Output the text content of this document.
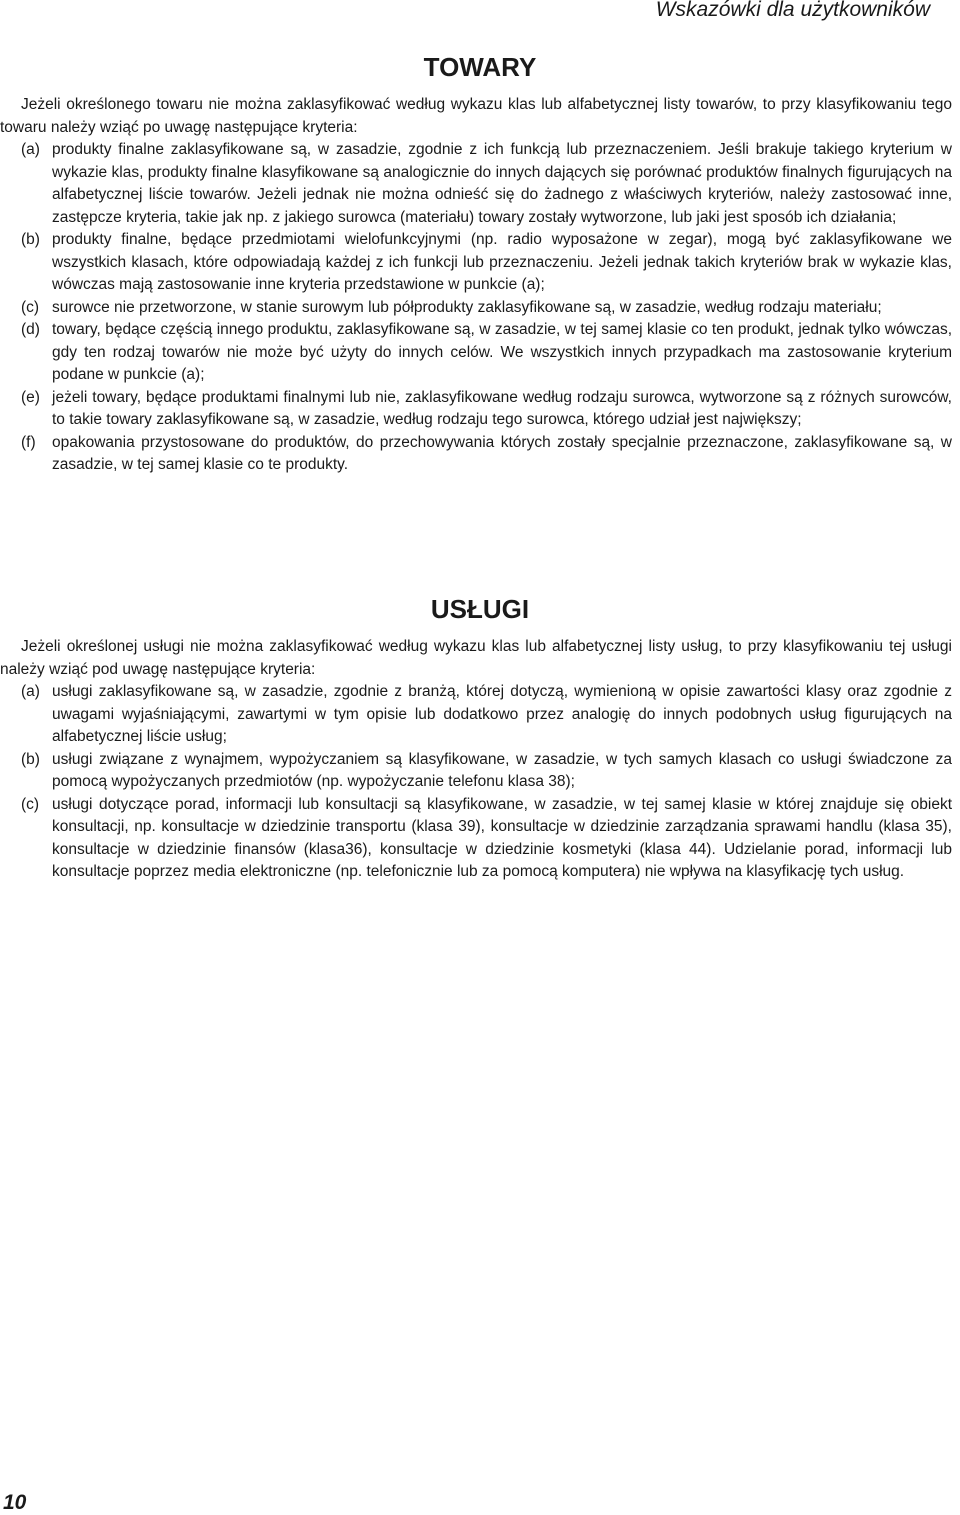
Wskazówki dla użytkowników
TOWARY

Jeżeli określonego towaru nie można zaklasyfikować według wykazu klas lub alfabetycznej listy towarów, to przy klasyfikowaniu tego towaru należy wziąć po uwagę następujące kryteria:

(a) produkty finalne zaklasyfikowane są, w zasadzie, zgodnie z ich funkcją lub przeznaczeniem. Jeśli brakuje takiego kryterium w wykazie klas, produkty finalne klasyfikowane są analogicznie do innych dających się porównać produktów finalnych figurujących na alfabetycznej liście towarów. Jeżeli jednak nie można odnieść się do żadnego z właściwych kryteriów, należy zastosować inne, zastępcze kryteria, takie jak np. z jakiego surowca (materiału) towary zostały wytworzone, lub jaki jest sposób ich działania;
(b) produkty finalne, będące przedmiotami wielofunkcyjnymi (np. radio wyposażone w zegar), mogą być zaklasyfikowane we wszystkich klasach, które odpowiadają każdej z ich funkcji lub przeznaczeniu. Jeżeli jednak takich kryteriów brak w wykazie klas, wówczas mają zastosowanie inne kryteria przedstawione w punkcie (a);
(c) surowce nie przetworzone, w stanie surowym lub półprodukty zaklasyfikowane są, w zasadzie, według rodzaju materiału;
(d) towary, będące częścią innego produktu, zaklasyfikowane są, w zasadzie, w tej samej klasie co ten produkt, jednak tylko wówczas, gdy ten rodzaj towarów nie może być użyty do innych celów. We wszystkich innych przypadkach ma zastosowanie kryterium podane w punkcie (a);
(e) jeżeli towary, będące produktami finalnymi lub nie, zaklasyfikowane według rodzaju surowca, wytworzone są z różnych surowców, to takie towary zaklasyfikowane są, w zasadzie, według rodzaju tego surowca, którego udział jest największy;
(f)	opakowania przystosowane do produktów, do przechowywania których zostały specjalnie przeznaczone, zaklasyfikowane są, w zasadzie, w tej samej klasie co te produkty.
USŁUGI

Jeżeli określonej usługi nie można zaklasyfikować według wykazu klas lub alfabetycznej listy usług, to przy klasyfikowaniu tej usługi należy wziąć pod uwagę następujące kryteria:

(a) usługi zaklasyfikowane są, w zasadzie, zgodnie z branżą, której dotyczą, wymienioną w opisie zawartości klasy oraz zgodnie z uwagami wyjaśniającymi, zawartymi w tym opisie lub dodatkowo przez analogię do innych podobnych usług figurujących na alfabetycznej liście usług;
(b) usługi związane z wynajmem, wypożyczaniem są klasyfikowane, w zasadzie, w tych samych klasach co usługi świadczone za pomocą wypożyczanych przedmiotów (np. wypożyczanie telefonu klasa 38);
(c) usługi dotyczące porad, informacji lub konsultacji są klasyfikowane, w zasadzie, w tej samej klasie w której znajduje się obiekt konsultacji, np. konsultacje w dziedzinie transportu (klasa 39), konsultacje w dziedzinie zarządzania sprawami handlu (klasa 35), konsultacje w dziedzinie finansów (klasa36), konsultacje w dziedzinie kosmetyki (klasa 44). Udzielanie porad, informacji lub konsultacje poprzez media elektroniczne (np. telefonicznie lub za pomocą komputera) nie wpływa na klasyfikację tych usług.
10
